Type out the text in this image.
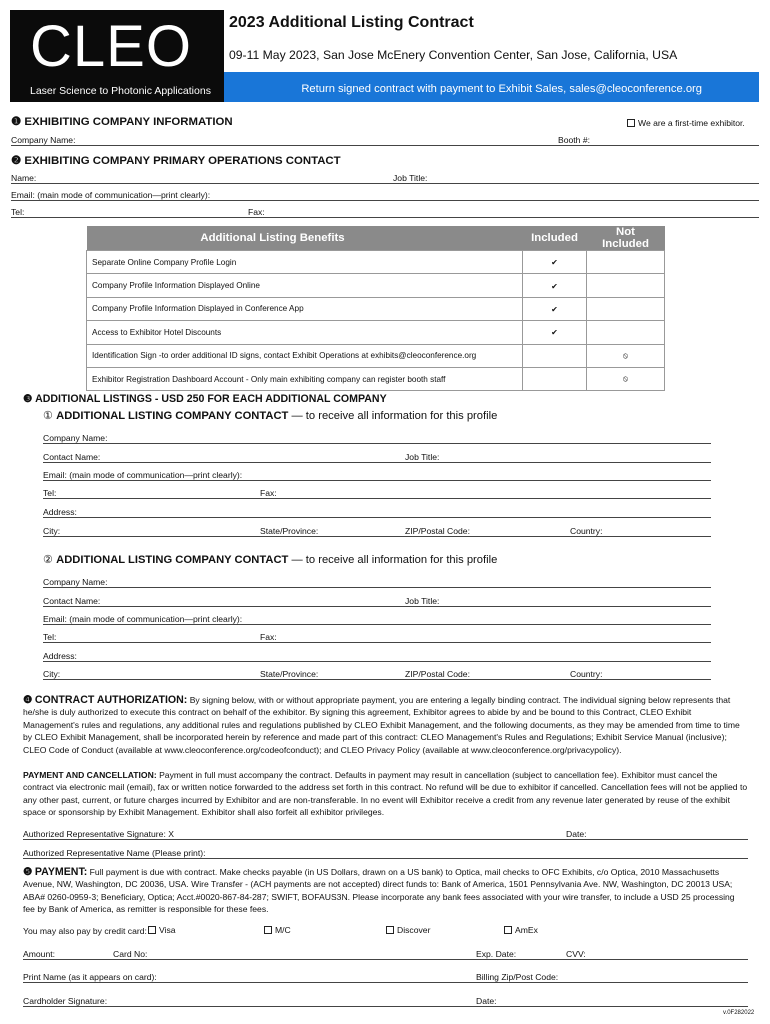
CLEO
Laser Science to Photonic Applications
2023 Additional Listing Contract
09-11 May 2023, San Jose McEnery Convention Center, San Jose, California, USA
Return signed contract with payment to Exhibit Sales, sales@cleoconference.org
❶ EXHIBITING COMPANY INFORMATION	We are a first-time exhibitor.
Company Name:	Booth #:
❷ EXHIBITING COMPANY PRIMARY OPERATIONS CONTACT
Name:	Job Title:
Email: (main mode of communication—print clearly):
Tel:	Fax:
Additional Listing Benefits	Included	Not Included
Separate Online Company Profile Login	✔	
Company Profile Information Displayed Online	✔	
Company Profile Information Displayed in Conference App	✔	
Access to Exhibitor Hotel Discounts	✔	
Identification Sign -to order additional ID signs, contact Exhibit Operations at exhibits@cleoconference.org		⦸
Exhibitor Registration Dashboard Account - Only main exhibiting company can register booth staff		⦸
❸ ADDITIONAL LISTINGS - USD 250 FOR EACH ADDITIONAL COMPANY
① ADDITIONAL LISTING COMPANY CONTACT — to receive all information for this profile
Company Name:
Contact Name:	Job Title:
Email: (main mode of communication—print clearly):
Tel:	Fax:
Address:
City:	State/Province:	ZIP/Postal Code:	Country:
② ADDITIONAL LISTING COMPANY CONTACT — to receive all information for this profile
Company Name:
Contact Name:	Job Title:
Email: (main mode of communication—print clearly):
Tel:	Fax:
Address:
City:	State/Province:	ZIP/Postal Code:	Country:
❹ CONTRACT AUTHORIZATION: By signing below, with or without appropriate payment, you are entering a legally binding contract. The individual signing below represents that he/she is duly authorized to execute this contract on behalf of the exhibitor. By signing this agreement, Exhibitor agrees to abide by and be bound to this Contract, CLEO Exhibit Management's rules and regulations, any additional rules and regulations published by CLEO Exhibit Management, and the following documents, as they may be amended from time to time by CLEO Exhibit Management, shall be incorporated herein by reference and made part of this contract: CLEO Management's Rules and Regulations; Exhibit Service Manual (inclusive); CLEO Code of Conduct (available at www.cleoconference.org/codeofconduct); and CLEO Privacy Policy (available at www.cleoconference.org/privacypolicy).
PAYMENT AND CANCELLATION: Payment in full must accompany the contract. Defaults in payment may result in cancellation (subject to cancellation fee). Exhibitor must cancel the contract via electronic mail (email), fax or written notice forwarded to the address set forth in this contract. No refund will be due to exhibitor if cancelled. Cancellation fees will not be applied to any other past, current, or future charges incurred by Exhibitor and are non-transferable. In no event will Exhibitor receive a credit from any revenue later generated by reuse of the exhibit space or sponsorship by Exhibit Management. Exhibitor shall also forfeit all exhibitor privileges.
Authorized Representative Signature: X	Date:
Authorized Representative Name (Please print):
❺ PAYMENT: Full payment is due with contract. Make checks payable (in US Dollars, drawn on a US bank) to Optica, mail checks to OFC Exhibits, c/o Optica, 2010 Massachusetts Avenue, NW, Washington, DC 20036, USA. Wire Transfer - (ACH payments are not accepted) direct funds to: Bank of America, 1501 Pennsylvania Ave. NW, Washington, DC 20013 USA; ABA# 0260-0959-3; Beneficiary, Optica; Acct.#0020-867-84-287; SWIFT, BOFAUS3N. Please incorporate any bank fees associated with your wire transfer, to include a USD 25 processing fee by Bank of America, as remitter is responsible for these fees.
You may also pay by credit card:	Visa	M/C	Discover	AmEx
Amount:	Card No:	Exp. Date:	CVV:
Print Name (as it appears on card):	Billing Zip/Post Code:
Cardholder Signature:	Date:
v.0F282022
